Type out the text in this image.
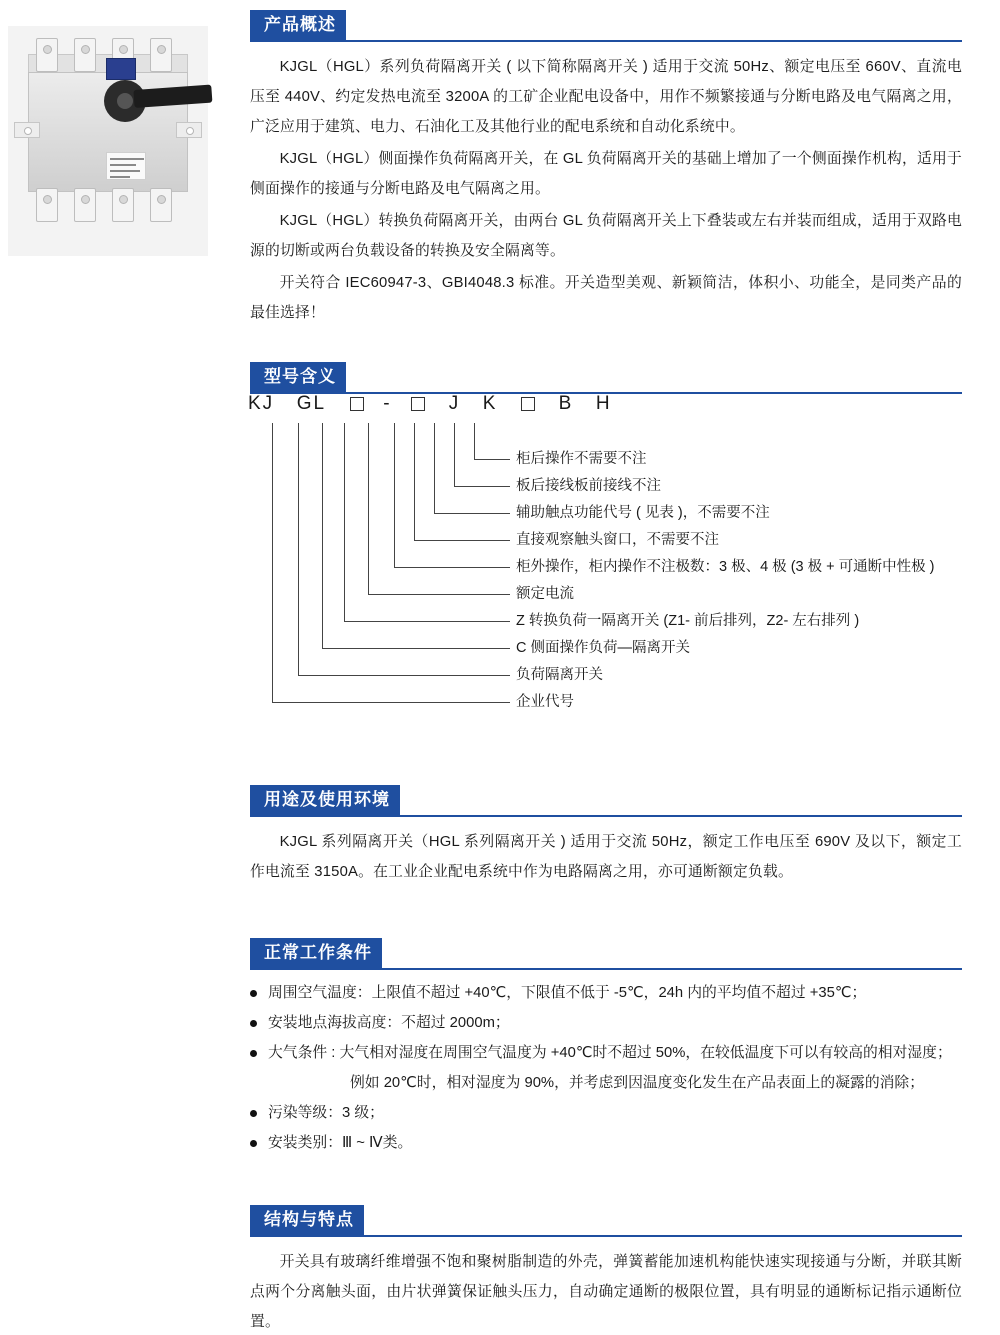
产品概述

KJGL（HGL）系列负荷隔离开关 ( 以下简称隔离开关 ) 适用于交流 50Hz、额定电压至 660V、直流电压至 440V、约定发热电流至 3200A 的工矿企业配电设备中，用作不频繁接通与分断电路及电气隔离之用，广泛应用于建筑、电力、石油化工及其他行业的配电系统和自动化系统中。

KJGL（HGL）侧面操作负荷隔离开关，在 GL 负荷隔离开关的基础上增加了一个侧面操作机构，适用于侧面操作的接通与分断电路及电气隔离之用。

KJGL（HGL）转换负荷隔离开关，由两台 GL 负荷隔离开关上下叠装或左右并装而组成，适用于双路电源的切断或两台负载设备的转换及安全隔离等。

开关符合 IEC60947-3、GBI4048.3 标准。开关造型美观、新颖简洁，体积小、功能全，是同类产品的最佳选择！

型号含义
KJ GL	-	J K	B H
柜后操作不需要不注
板后接线板前接线不注
辅助触点功能代号 ( 见表 )，不需要不注
直接观察触头窗口，不需要不注
柜外操作，柜内操作不注极数：3 极、4 极 (3 极 + 可通断中性极 )
额定电流
Z 转换负荷一隔离开关 (Z1- 前后排列，Z2- 左右排列 )
C 侧面操作负荷—隔离开关
负荷隔离开关
企业代号
用途及使用环境

KJGL 系列隔离开关（HGL 系列隔离开关 ) 适用于交流 50Hz，额定工作电压至 690V 及以下，额定工作电流至 3150A。在工业企业配电系统中作为电路隔离之用，亦可通断额定负载。

正常工作条件
周围空气温度：上限值不超过 +40℃，下限值不低于 -5℃，24h 内的平均值不超过 +35℃；
安装地点海拔高度：不超过 2000m；
大气条件 : 大气相对湿度在周围空气温度为 +40℃时不超过 50%，在较低温度下可以有较高的相对湿度；
例如 20℃时，相对湿度为 90%，并考虑到因温度变化发生在产品表面上的凝露的消除；
污染等级：3 级；
安装类别：Ⅲ ~ Ⅳ类。
结构与特点

开关具有玻璃纤维增强不饱和聚树脂制造的外壳，弹簧蓄能加速机构能快速实现接通与分断，并联其断点两个分离触头面，由片状弹簧保证触头压力，自动确定通断的极限位置，具有明显的通断标记指示通断位置。
